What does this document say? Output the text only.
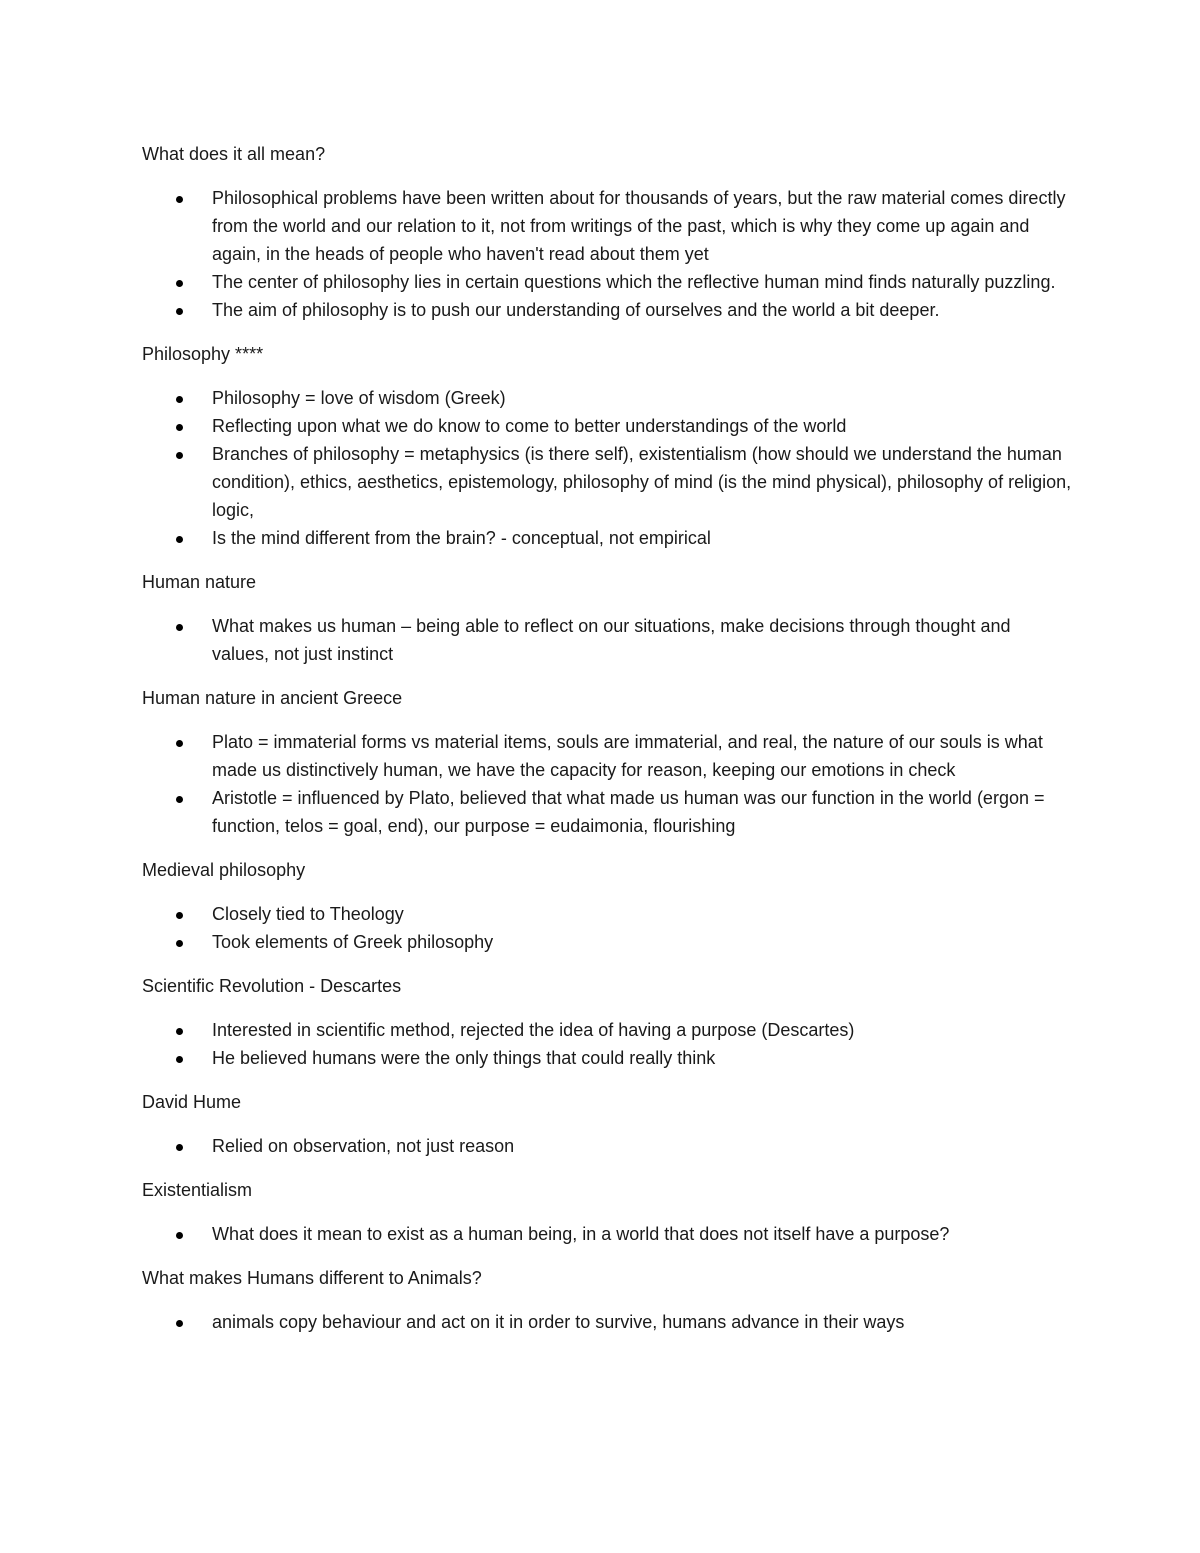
What does it all mean?

Philosophical problems have been written about for thousands of years, but the raw material comes directly from the world and our relation to it, not from writings of the past, which is why they come up again and again, in the heads of people who haven't read about them yet
The center of philosophy lies in certain questions which the reflective human mind finds naturally puzzling.
The aim of philosophy is to push our understanding of ourselves and the world a bit deeper.

Philosophy ****

Philosophy = love of wisdom (Greek)
Reflecting upon what we do know to come to better understandings of the world
Branches of philosophy = metaphysics (is there self), existentialism (how should we understand the human condition), ethics, aesthetics, epistemology, philosophy of mind (is the mind physical), philosophy of religion, logic,
Is the mind different from the brain? - conceptual, not empirical

Human nature

What makes us human – being able to reflect on our situations, make decisions through thought and values, not just instinct

Human nature in ancient Greece

Plato = immaterial forms vs material items, souls are immaterial, and real, the nature of our souls is what made us distinctively human, we have the capacity for reason, keeping our emotions in check
Aristotle = influenced by Plato, believed that what made us human was our function in the world (ergon = function, telos = goal, end), our purpose = eudaimonia, flourishing

Medieval philosophy

Closely tied to Theology
Took elements of Greek philosophy

Scientific Revolution - Descartes

Interested in scientific method, rejected the idea of having a purpose (Descartes)
He believed humans were the only things that could really think

David Hume

Relied on observation, not just reason

Existentialism

What does it mean to exist as a human being, in a world that does not itself have a purpose?

What makes Humans different to Animals?

animals copy behaviour and act on it in order to survive, humans advance in their ways
